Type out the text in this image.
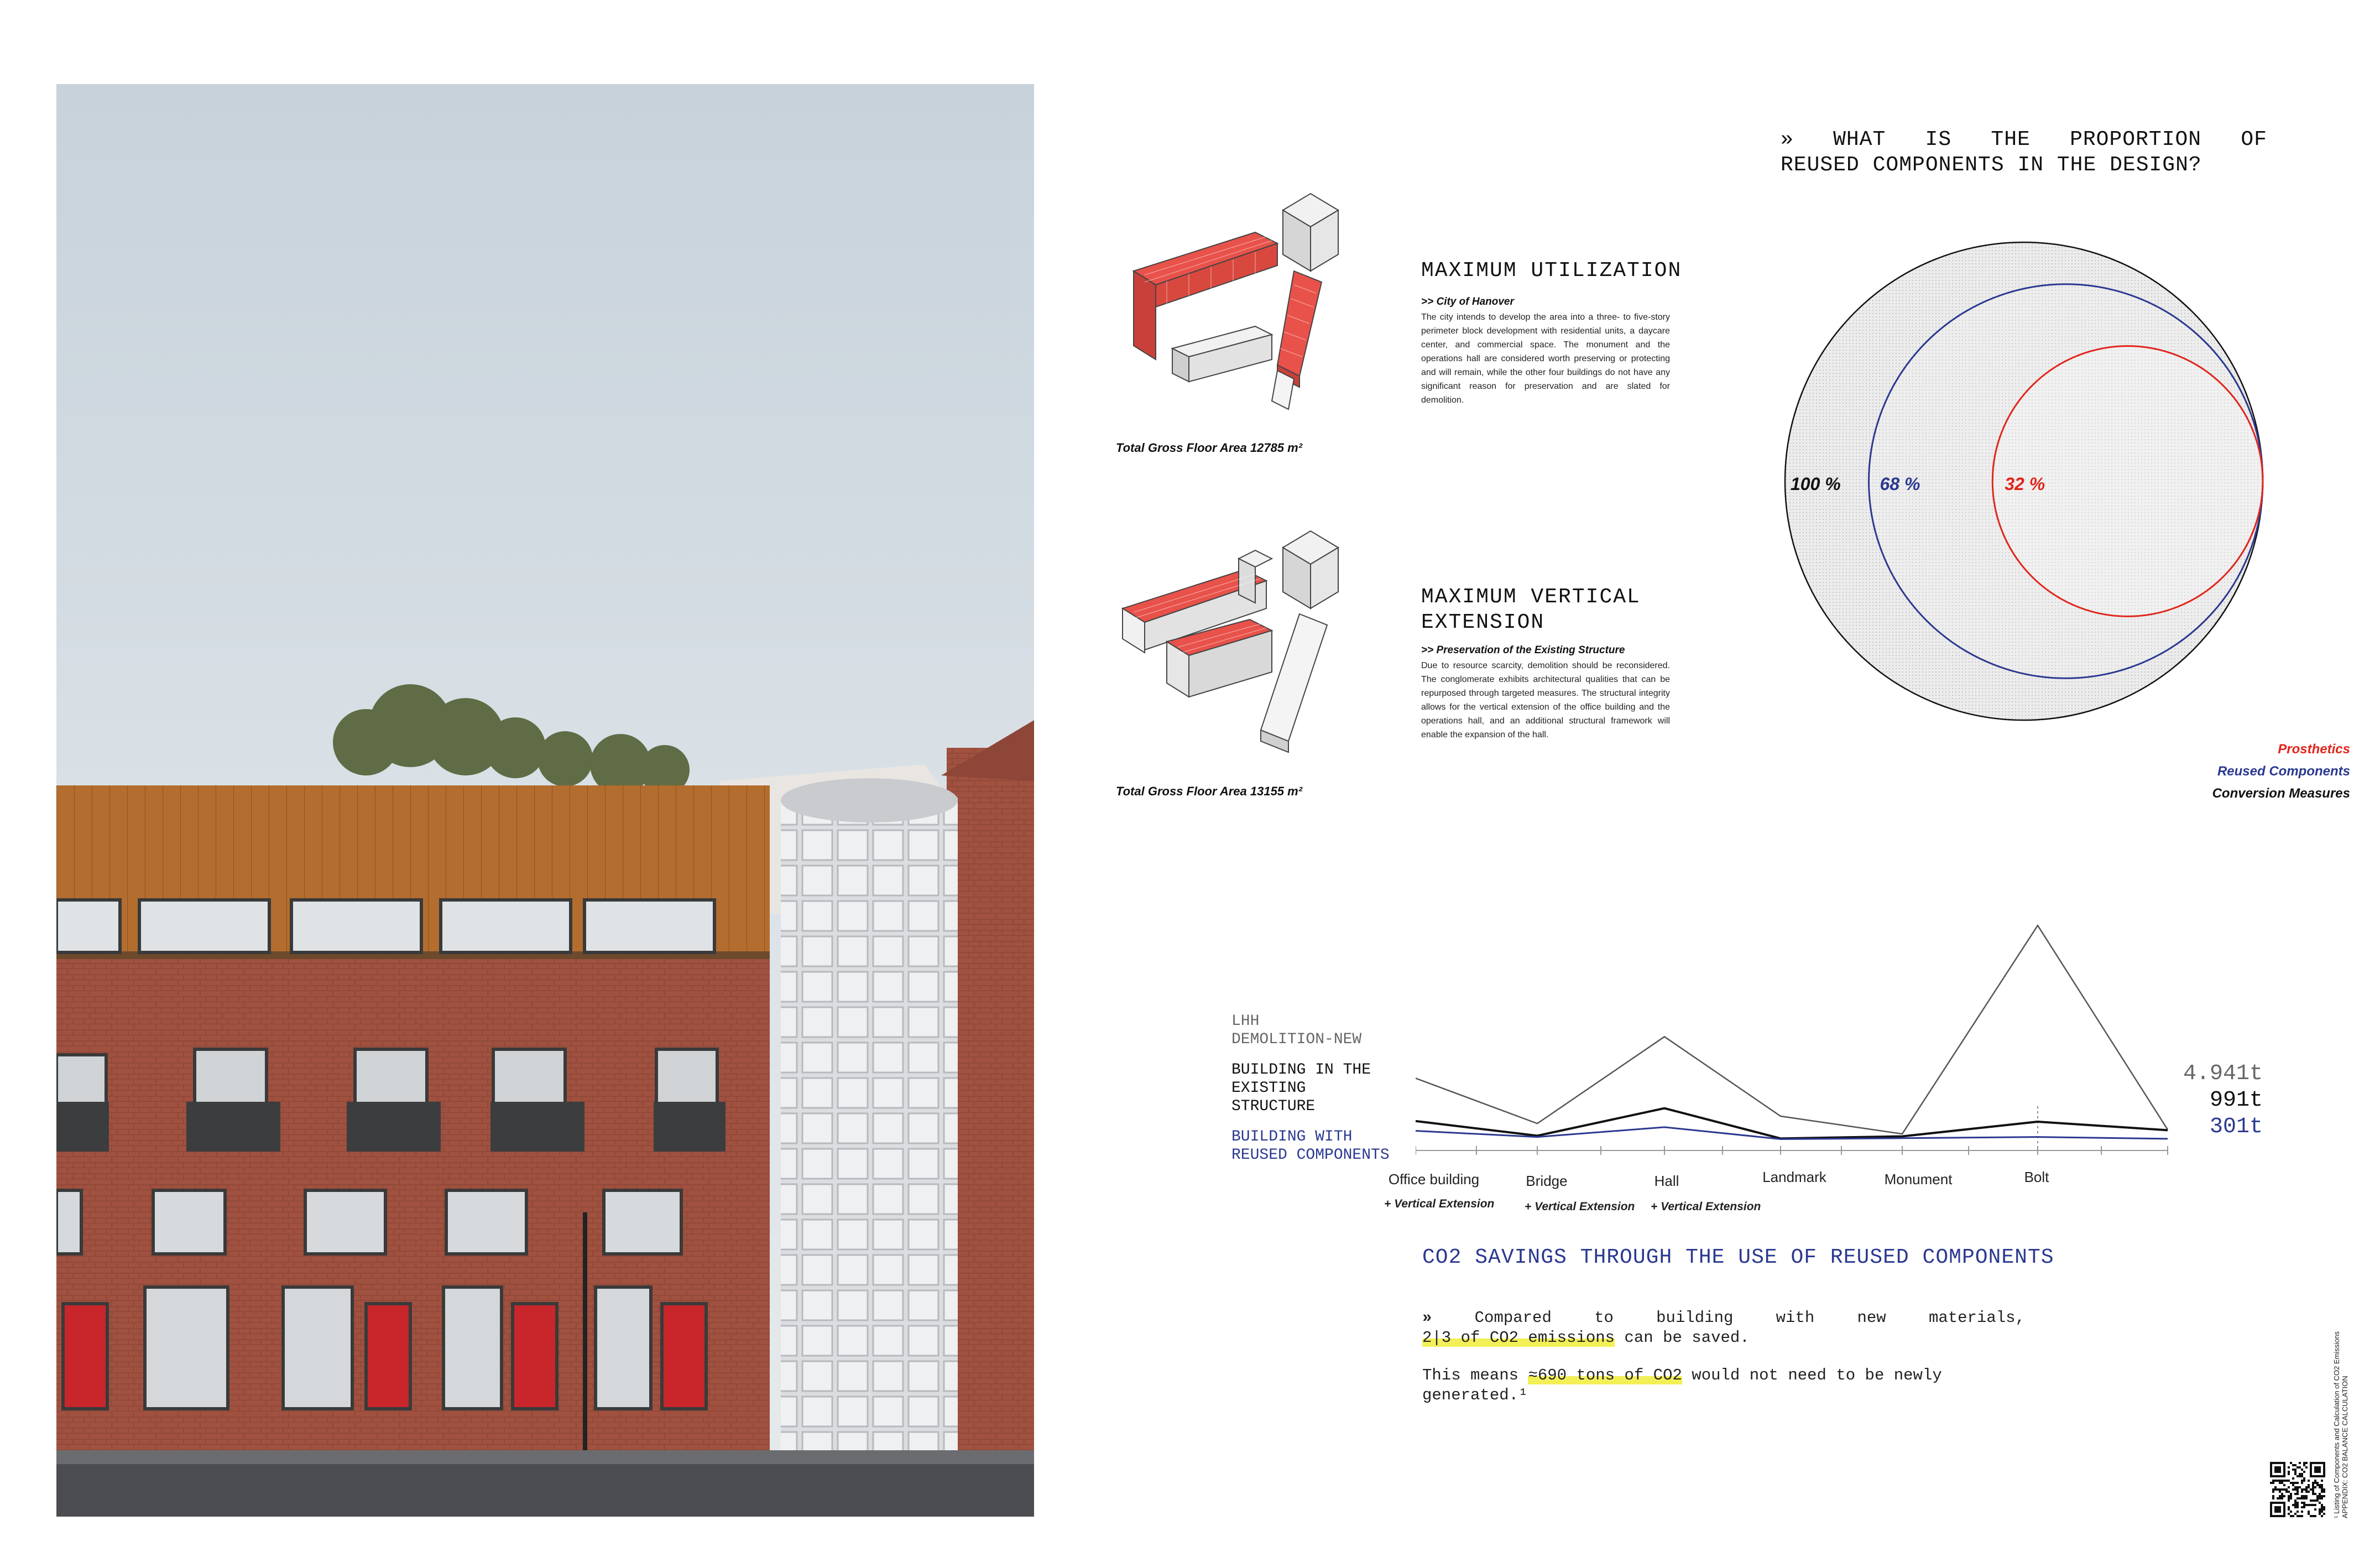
MAXIMUM UTILIZATION
>> City of Hanover
The city intends to develop the area into a three- to five-story perimeter block development with residential units, a daycare center, and commercial space. The monument and the operations hall are considered worth preserving or protecting and will remain, while the other four buildings do not have any significant reason for preservation and are slated for demolition.
Total Gross Floor Area 12785 m²
MAXIMUM VERTICAL
EXTENSION
>> Preservation of the Existing Structure
Due to resource scarcity, demolition should be reconsidered. The conglomerate exhibits architectural qualities that can be repurposed through targeted measures. The structural integrity allows for the vertical extension of the office building and the operations hall, and an additional structural framework will enable the expansion of the hall.
Total Gross Floor Area 13155 m²
» WHAT IS THE PROPORTION OF
REUSED COMPONENTS IN THE DESIGN?
100 % 68 %	32 %
Prosthetics
Reused Components
Conversion Measures
LHH
DEMOLITION-NEW
BUILDING IN THE
EXISTING
STRUCTURE
BUILDING WITH
REUSED COMPONENTS
4.941t
991t
301t
Office building	Bridge	Hall	Landmark	Monument	Bolt
+ Vertical Extension	+ Vertical Extension + Vertical Extension
CO2 SAVINGS THROUGH THE USE OF REUSED COMPONENTS
»	Compared	to	building	with	new	materials,
2|3 of CO2 emissions can be saved.
This means ≈690 tons of CO2 would not need to be newly generated.¹	¹ Listing of Components and Calculation of CO2 Emissions APPENDIX: CO2 BALANCE CALCULATION
